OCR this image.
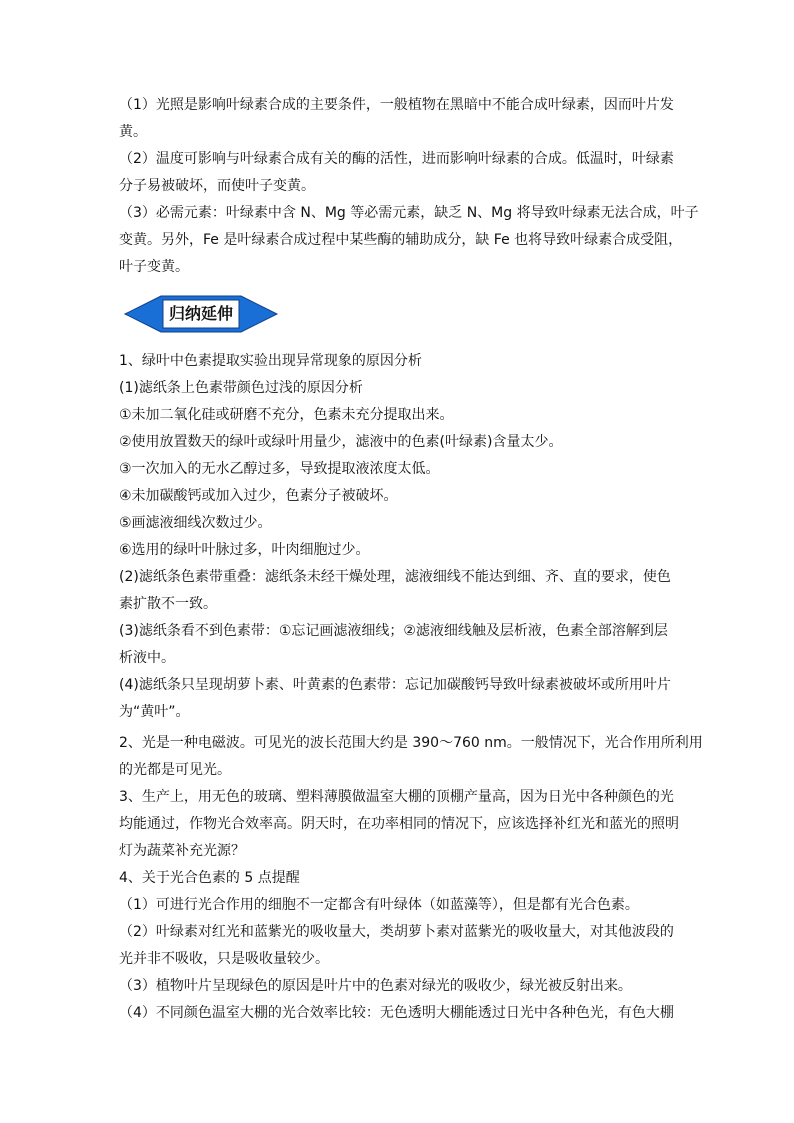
（1）光照是影响叶绿素合成的主要条件，一般植物在黑暗中不能合成叶绿素，因而叶片发
黄。
（2）温度可影响与叶绿素合成有关的酶的活性，进而影响叶绿素的合成。低温时，叶绿素
分子易被破坏，而使叶子变黄。
（3）必需元素：叶绿素中含 N、Mg 等必需元素，缺乏 N、Mg 将导致叶绿素无法合成，叶子
变黄。另外，Fe 是叶绿素合成过程中某些酶的辅助成分，缺 Fe 也将导致叶绿素合成受阻，
叶子变黄。
归纳延伸
1、绿叶中色素提取实验出现异常现象的原因分析
(1)滤纸条上色素带颜色过浅的原因分析
①未加二氧化硅或研磨不充分，色素未充分提取出来。
②使用放置数天的绿叶或绿叶用量少，滤液中的色素(叶绿素)含量太少。
③一次加入的无水乙醇过多，导致提取液浓度太低。
④未加碳酸钙或加入过少，色素分子被破坏。
⑤画滤液细线次数过少。
⑥选用的绿叶叶脉过多，叶肉细胞过少。
(2)滤纸条色素带重叠：滤纸条未经干燥处理，滤液细线不能达到细、齐、直的要求，使色
素扩散不一致。
(3)滤纸条看不到色素带：①忘记画滤液细线；②滤液细线触及层析液，色素全部溶解到层
析液中。
(4)滤纸条只呈现胡萝卜素、叶黄素的色素带：忘记加碳酸钙导致叶绿素被破坏或所用叶片
为“黄叶”。
2、光是一种电磁波。可见光的波长范围大约是 390～760 nm。一般情况下，光合作用所利用
的光都是可见光。
3、生产上，用无色的玻璃、塑料薄膜做温室大棚的顶棚产量高，因为日光中各种颜色的光
均能通过，作物光合效率高。阴天时，在功率相同的情况下，应该选择补红光和蓝光的照明
灯为蔬菜补充光源？
4、关于光合色素的 5 点提醒
（1）可进行光合作用的细胞不一定都含有叶绿体（如蓝藻等），但是都有光合色素。
（2）叶绿素对红光和蓝紫光的吸收量大，类胡萝卜素对蓝紫光的吸收量大，对其他波段的
光并非不吸收，只是吸收量较少。
（3）植物叶片呈现绿色的原因是叶片中的色素对绿光的吸收少，绿光被反射出来。
（4）不同颜色温室大棚的光合效率比较：无色透明大棚能透过日光中各种色光，有色大棚
